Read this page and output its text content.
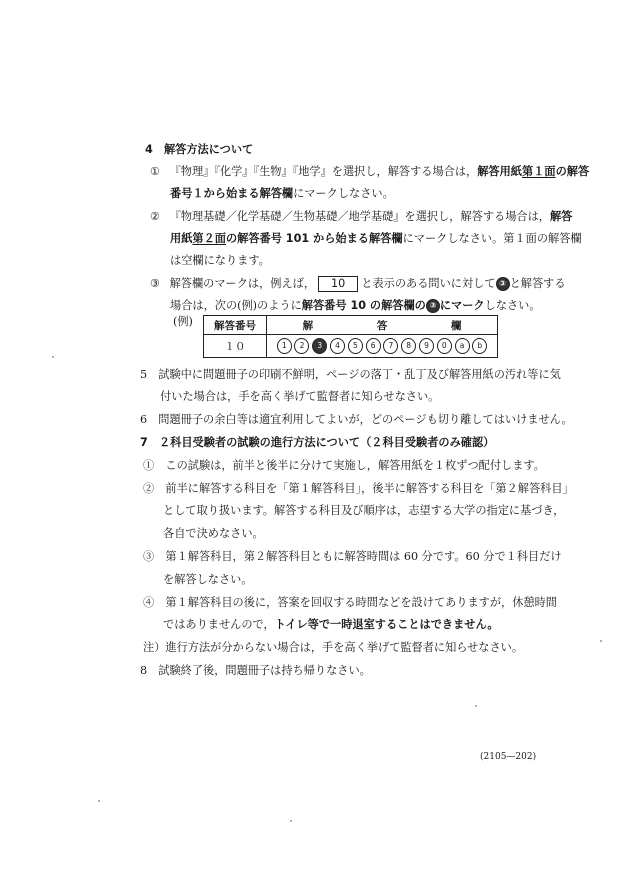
4　解答方法について
① 『物理』『化学』『生物』『地学』を選択し，解答する場合は，解答用紙第１面の解答
番号１から始まる解答欄にマークしなさい。
② 『物理基礎／化学基礎／生物基礎／地学基礎』を選択し，解答する場合は，解答
用紙第２面の解答番号 101 から始まる解答欄にマークしなさい。第１面の解答欄
は空欄になります。
③ 解答欄のマークは，例えば， 10 と表示のある問いに対して ③ と解答する
場合は，次の(例)のように解答番号 10 の解答欄の ③ にマークしなさい。
(例) 解答番号	解 答 欄
１０	1 2 3 4 5 6 7 8 9 0 a b
5　試験中に問題冊子の印刷不鮮明，ページの落丁・乱丁及び解答用紙の汚れ等に気
付いた場合は，手を高く挙げて監督者に知らせなさい。
6　問題冊子の余白等は適宜利用してよいが，どのページも切り離してはいけません。
7　２科目受験者の試験の進行方法について（２科目受験者のみ確認）
①　この試験は，前半と後半に分けて実施し，解答用紙を１枚ずつ配付します。
②　前半に解答する科目を「第１解答科目」，後半に解答する科目を「第２解答科目」
として取り扱います。解答する科目及び順序は，志望する大学の指定に基づき，
各自で決めなさい。
③　第１解答科目，第２解答科目ともに解答時間は 60 分です。60 分で１科目だけ
を解答しなさい。
④　第１解答科目の後に，答案を回収する時間などを設けてありますが，休憩時間
ではありませんので，トイレ等で一時退室することはできません。
注）進行方法が分からない場合は，手を高く挙げて監督者に知らせなさい。
8　試験終了後，問題冊子は持ち帰りなさい。
(2105—202)
